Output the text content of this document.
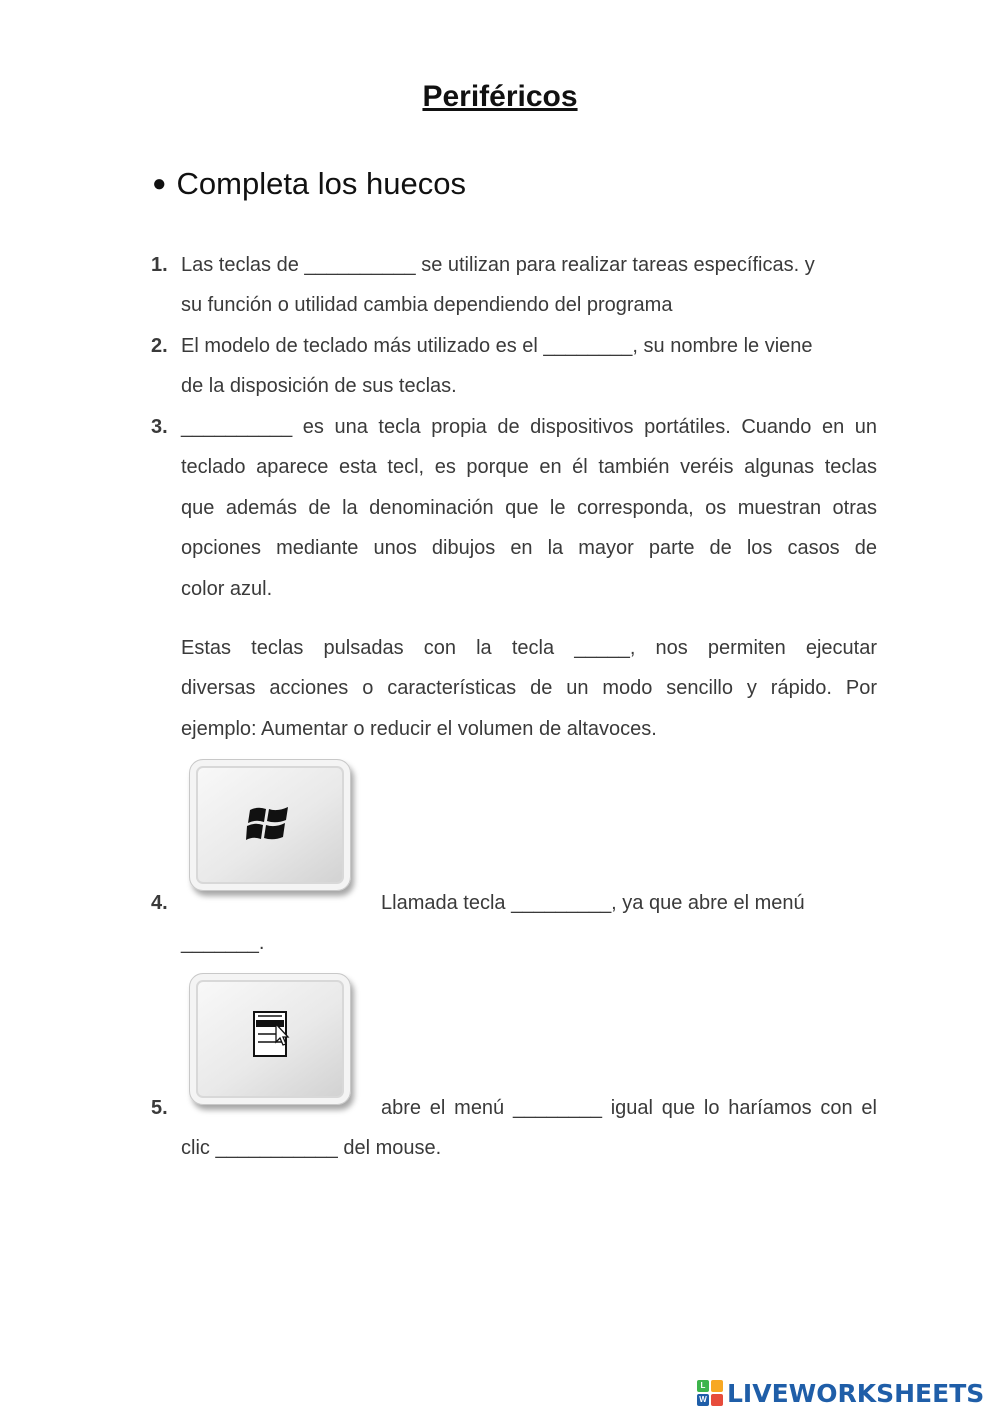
Periféricos
● Completa los huecos
1. Las teclas de __________ se utilizan para realizar tareas específicas. y
su función o utilidad cambia dependiendo del programa
2. El modelo de teclado más utilizado es el ________, su nombre le viene
de la disposición de sus teclas.
3. __________ es una tecla propia de dispositivos portátiles. Cuando en un
teclado aparece esta tecl, es porque en él también veréis algunas teclas
que además de la denominación que le corresponda, os muestran otras
opciones mediante unos dibujos en la mayor parte de los casos de
color azul.
Estas teclas pulsadas con la tecla _____, nos permiten ejecutar
diversas acciones o características de un modo sencillo y rápido. Por
ejemplo: Aumentar o reducir el volumen de altavoces.
4.	Llamada tecla _________, ya que abre el menú
_______.
5.	abre el menú ________ igual que lo haríamos con el
clic ___________ del mouse.
L
W LIVEWORKSHEETS
